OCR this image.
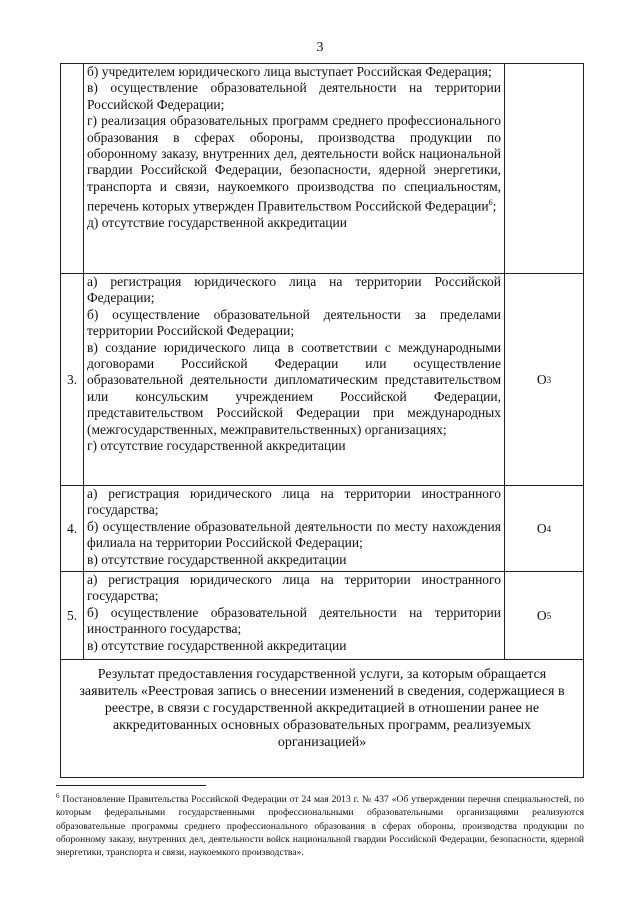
3

б) учредителем юридического лица выступает Российская Федерация;

в) осуществление образовательной деятельности на территории Российской Федерации;

г) реализация образовательных программ среднего профессионального образования в сферах обороны, производства продукции по оборонному заказу, внутренних дел, деятельности войск национальной гвардии Российской Федерации, безопасности, ядерной энергетики, транспорта и связи, наукоемкого производства по специальностям, перечень которых утвержден Правительством Российской Федерации$^6$;

д) отсутствие государственной аккредитации

3.

а) регистрация юридического лица на территории Российской Федерации;

б) осуществление образовательной деятельности за пределами территории Российской Федерации;

в) создание юридического лица в соответствии с международными договорами Российской Федерации или осуществление образовательной деятельности дипломатическим представительством или консульским учреждением Российской Федерации, представительством Российской Федерации при международных (межгосударственных, межправительственных) организациях;

г) отсутствие государственной аккредитации

О 3
4.

а) регистрация юридического лица на территории иностранного государства;

б) осуществление образовательной деятельности по месту нахождения филиала на территории Российской Федерации;

в) отсутствие государственной аккредитации

О 4
5.

а) регистрация юридического лица на территории иностранного государства;

б) осуществление образовательной деятельности на территории иностранного государства;

в) отсутствие государственной аккредитации

О 5
Результат предоставления государственной услуги, за которым обращается заявитель «Реестровая запись о внесении изменений в сведения, содержащиеся в реестре, в связи с государственной аккредитацией в отношении ранее не аккредитованных основных образовательных программ, реализуемых организацией»
$^6$ Постановление Правительства Российской Федерации от 24 мая 2013 г. № 437 «Об утверждении перечня специальностей, по которым федеральными государственными профессиональными образовательными организациями реализуются образовательные программы среднего профессионального образования в сферах обороны, производства продукции по оборонному заказу, внутренних дел, деятельности войск национальной гвардии Российской Федерации, безопасности, ядерной энергетики, транспорта и связи, наукоемкого производства».
